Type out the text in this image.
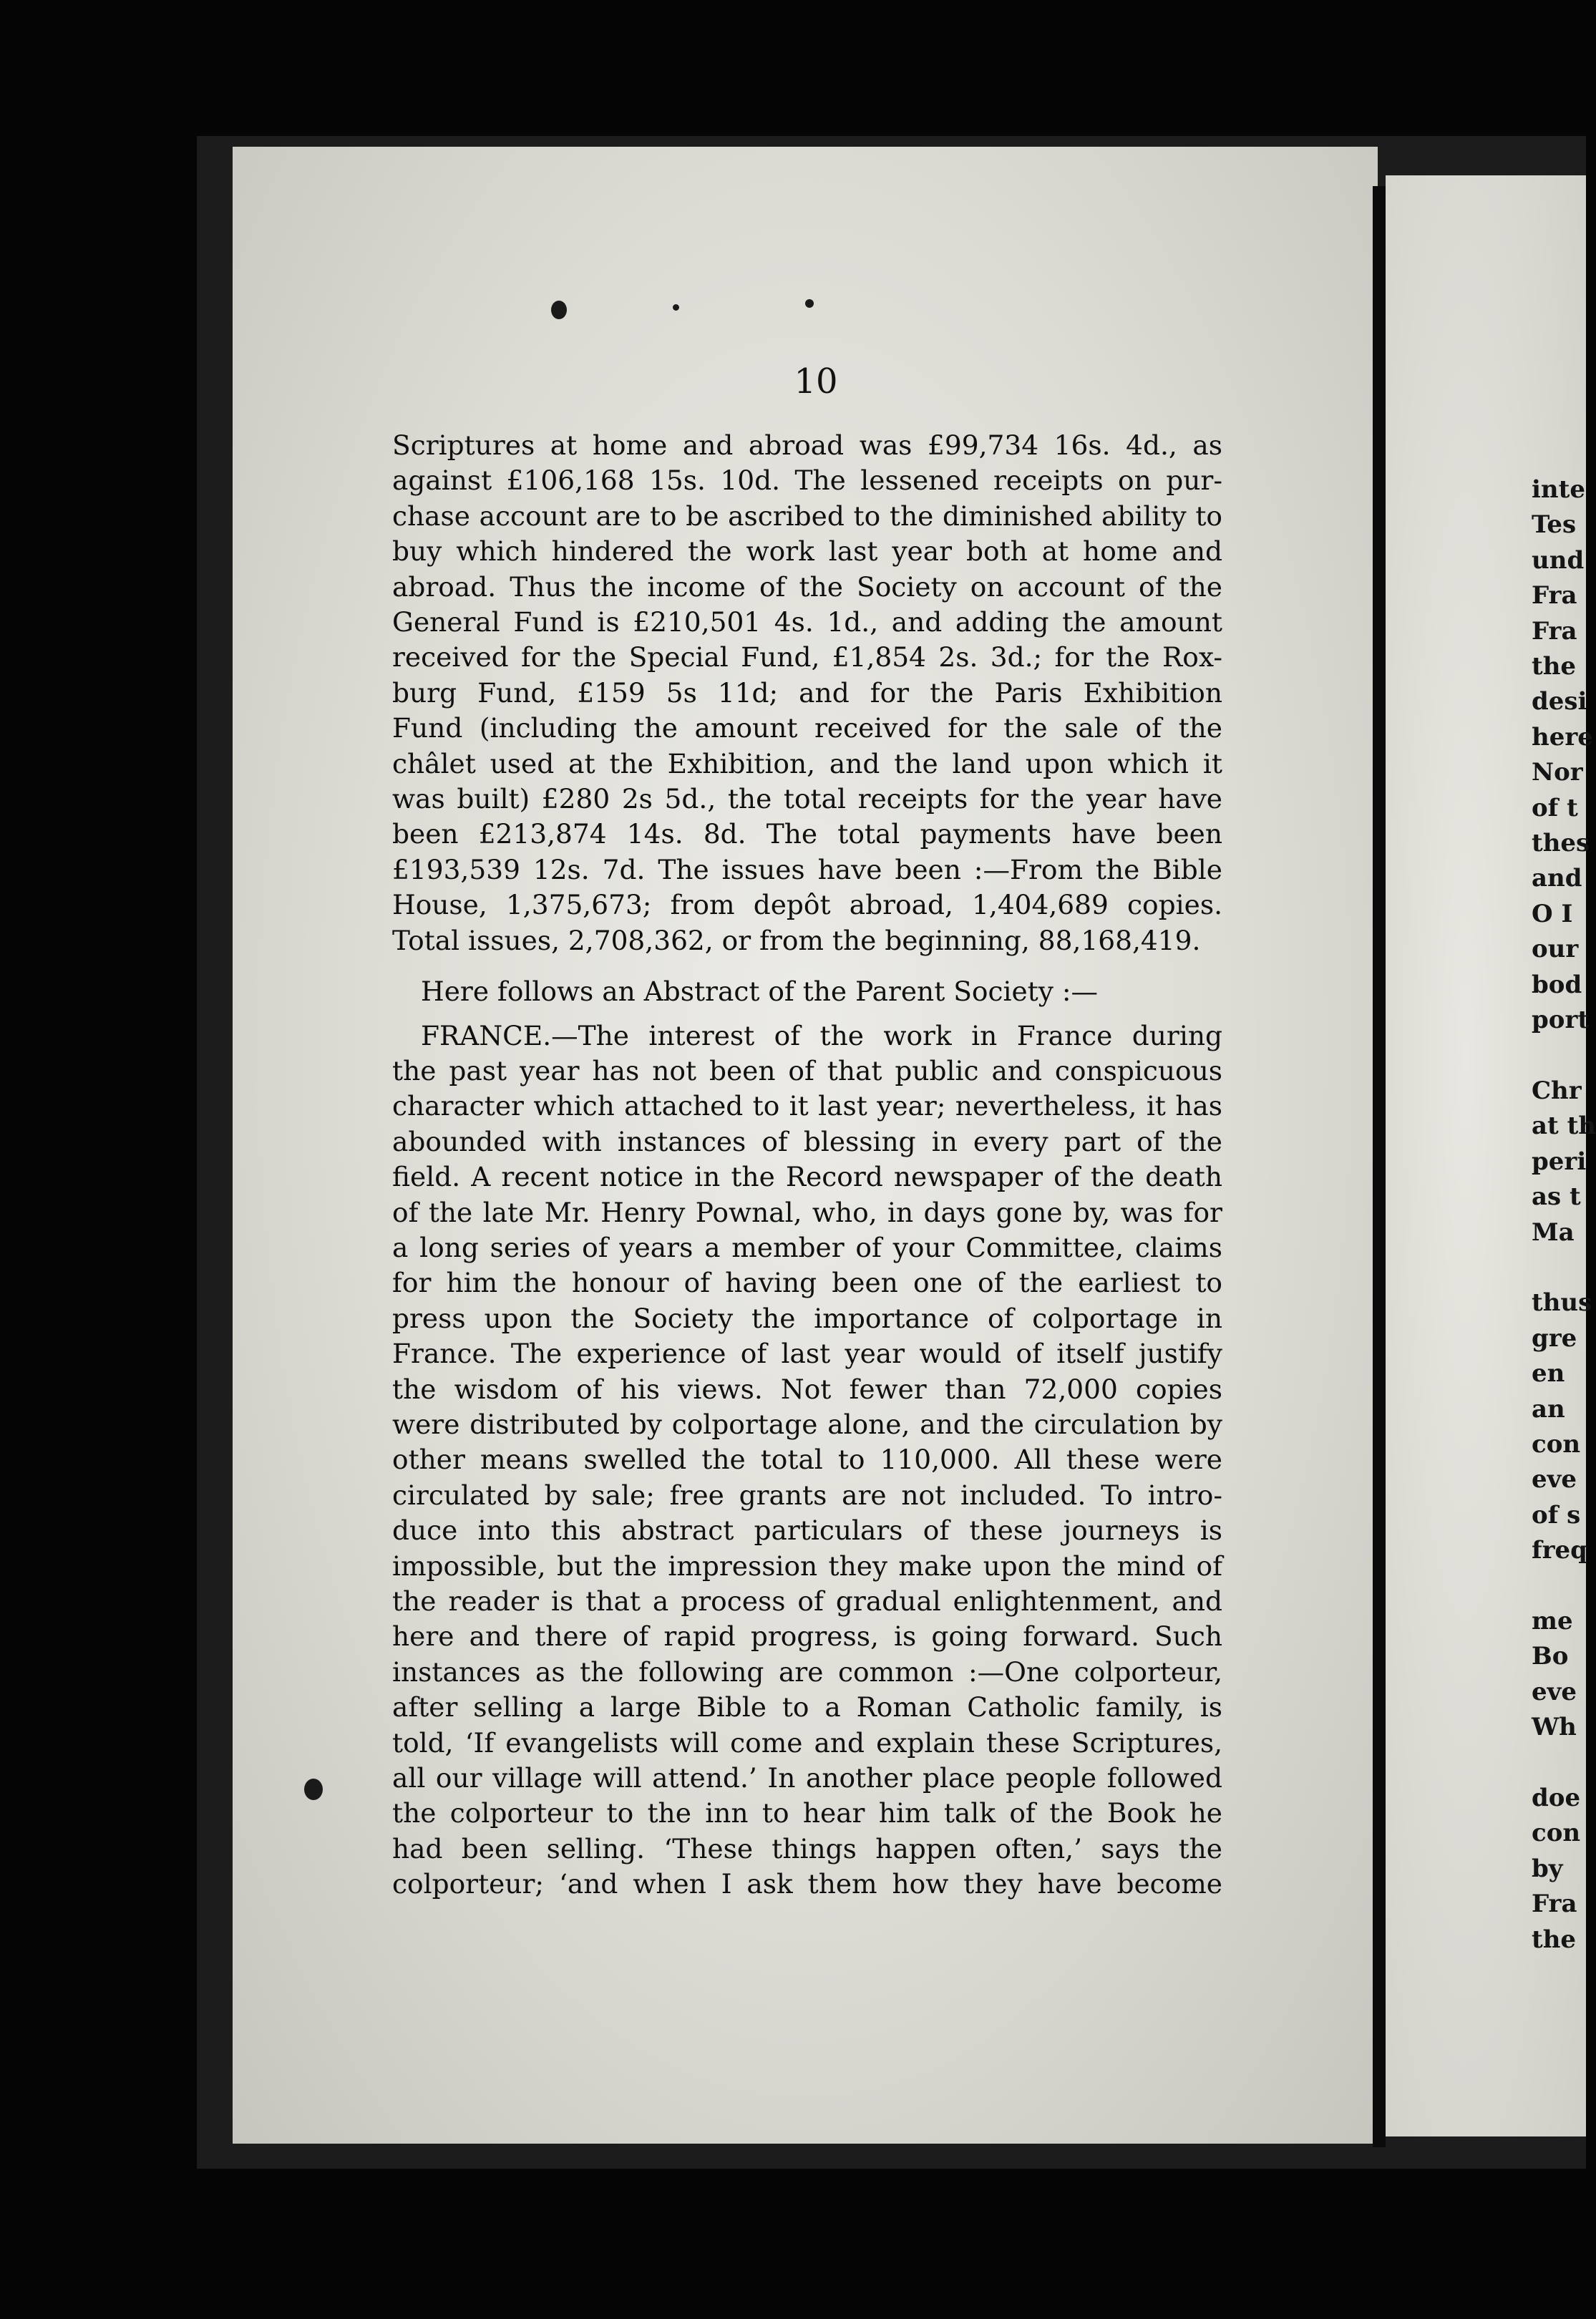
10
Scriptures at home and abroad was £99,734 16s. 4d., as
against £106,168 15s. 10d. The lessened receipts on pur-
chase account are to be ascribed to the diminished ability to
buy which hindered the work last year both at home and
abroad. Thus the income of the Society on account of the
General Fund is £210,501 4s. 1d., and adding the amount
received for the Special Fund, £1,854 2s. 3d.; for the Rox-
burg Fund, £159 5s 11d; and for the Paris Exhibition
Fund (including the amount received for the sale of the
châlet used at the Exhibition, and the land upon which it
was built) £280 2s 5d., the total receipts for the year have
been £213,874 14s. 8d. The total payments have been
£193,539 12s. 7d. The issues have been :—From the Bible
House, 1,375,673; from depôt abroad, 1,404,689 copies.
Total issues, 2,708,362, or from the beginning, 88,168,419.
Here follows an Abstract of the Parent Society :—
FRANCE.—The interest of the work in France during
the past year has not been of that public and conspicuous
character which attached to it last year; nevertheless, it has
abounded with instances of blessing in every part of the
field. A recent notice in the Record newspaper of the death
of the late Mr. Henry Pownal, who, in days gone by, was for
a long series of years a member of your Committee, claims
for him the honour of having been one of the earliest to
press upon the Society the importance of colportage in
France. The experience of last year would of itself justify
the wisdom of his views. Not fewer than 72,000 copies
were distributed by colportage alone, and the circulation by
other means swelled the total to 110,000. All these were
circulated by sale; free grants are not included. To intro-
duce into this abstract particulars of these journeys is
impossible, but the impression they make upon the mind of
the reader is that a process of gradual enlightenment, and
here and there of rapid progress, is going forward. Such
instances as the following are common :—One colporteur,
after selling a large Bible to a Roman Catholic family, is
told, ‘If evangelists will come and explain these Scriptures,
all our village will attend.’ In another place people followed
the colporteur to the inn to hear him talk of the Book he
had been selling. ‘These things happen often,’ says the
colporteur; ‘and when I ask them how they have become
inte
Tes
und
Fra
Fra
the
desi
here
Nor
of t
thes
and
O I
our
bod
port

Chr
at th
peri
as t
Ma

thus
gre
en
an
con
eve
of s
freq

me
Bo
eve
Wh

doe
con
by
Fra
the
